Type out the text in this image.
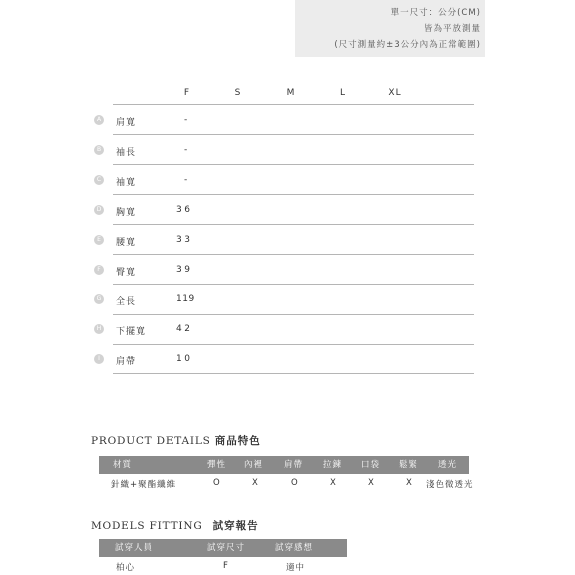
單一尺寸：公分(CM)
皆為平放測量
(尺寸測量約±3公分內為正常範圍)
F	S	M	L	XL
A	肩寬	-
B	袖長	-
C	袖寬	-
D 胸寬	36
E	腰寬	33
F	臀寬	39
G 全長	119
H	下擺寬	42
I	肩帶	10
PRODUCT DETAILS 商品特色
材質	彈性 內裡 肩帶 拉鍊 口袋 鬆緊 透光
針織+聚酯纖維	O	X	O	X	X	X 淺色微透光
MODELS FITTING 試穿報告
試穿人員	試穿尺寸	試穿感想
柏心	F	適中
